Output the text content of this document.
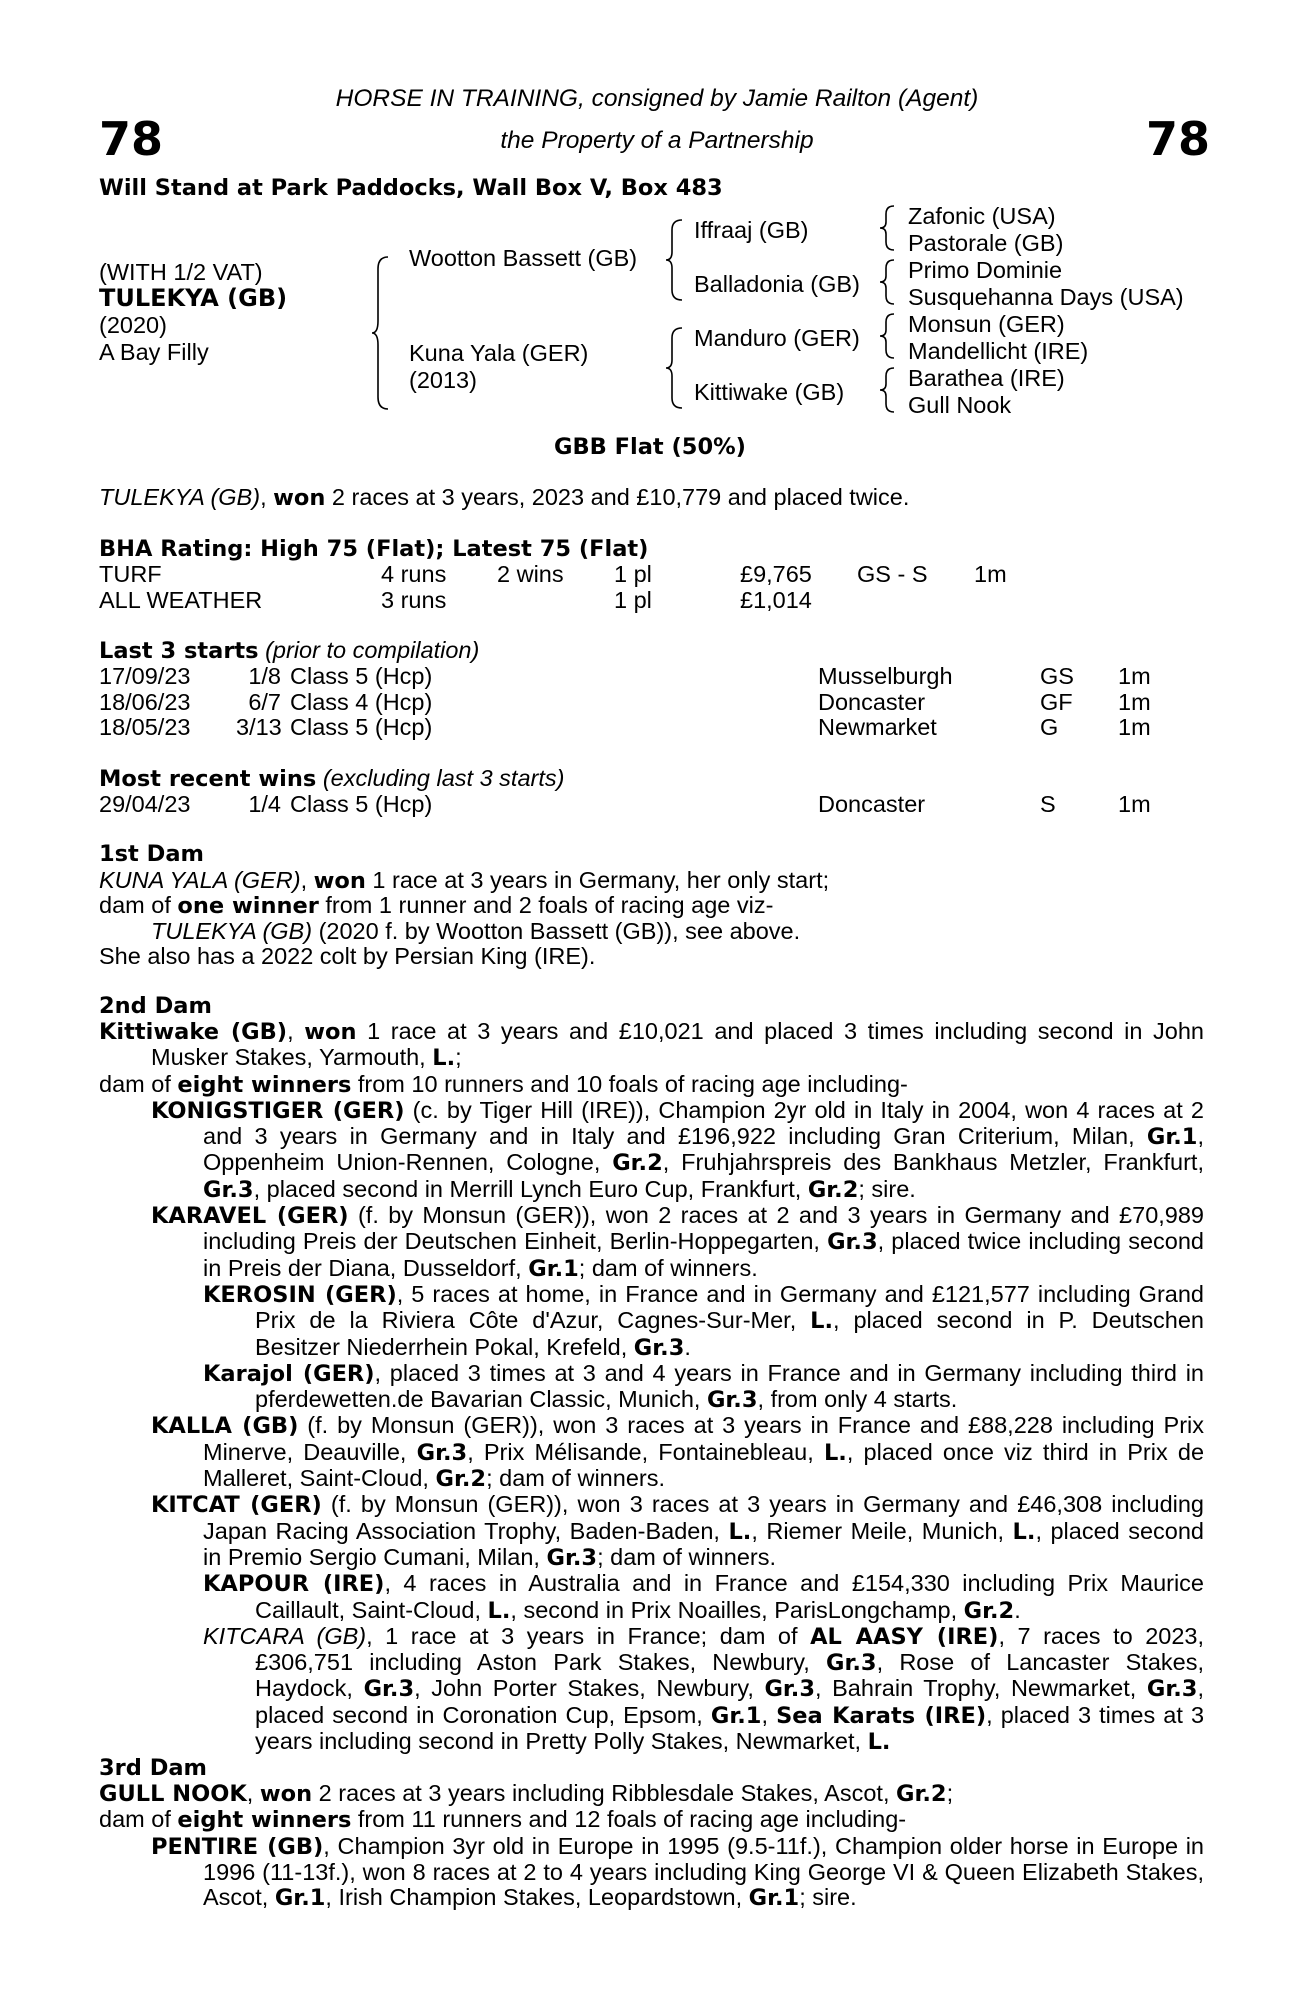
78	78
HORSE IN TRAINING, consigned by Jamie Railton (Agent)
the Property of a Partnership
Will Stand at Park Paddocks, Wall Box V, Box 483
(WITH 1/2 VAT)
TULEKYA (GB)
(2020)
A Bay Filly
Wootton Bassett (GB)
Kuna Yala (GER)
(2013)
Iffraaj (GB)
Balladonia (GB)
Manduro (GER)
Kittiwake (GB)
Zafonic (USA)
Pastorale (GB)
Primo Dominie
Susquehanna Days (USA)
Monsun (GER)
Mandellicht (IRE)
Barathea (IRE)
Gull Nook
GBB Flat (50%)
TULEKYA (GB), won 2 races at 3 years, 2023 and £10,779 and placed twice.
BHA Rating: High 75 (Flat); Latest 75 (Flat)
TURF	4 runs 2 wins 1 pl	£9,765 GS - S 1m
ALL WEATHER	3 runs	1 pl	£1,014
Last 3 starts (prior to compilation)
17/09/23	1/8 Class 5 (Hcp)	Musselburgh	GS 1m
18/06/23	6/7 Class 4 (Hcp)	Doncaster	GF 1m
18/05/23 3/13 Class 5 (Hcp)	Newmarket	G	1m
Most recent wins (excluding last 3 starts)
29/04/23	1/4 Class 5 (Hcp)	Doncaster	S	1m
1st Dam
KUNA YALA (GER), won 1 race at 3 years in Germany, her only start;
dam of one winner from 1 runner and 2 foals of racing age viz-
TULEKYA (GB) (2020 f. by Wootton Bassett (GB)), see above.
She also has a 2022 colt by Persian King (IRE).
2nd Dam

Kittiwake (GB), won 1 race at 3 years and £10,021 and placed 3 times including second in John Musker Stakes, Yarmouth, L.;

dam of eight winners from 10 runners and 10 foals of racing age including-

KONIGSTIGER (GER) (c. by Tiger Hill (IRE)), Champion 2yr old in Italy in 2004, won 4 races at 2 and 3 years in Germany and in Italy and £196,922 including Gran Criterium, Milan, Gr.1, Oppenheim Union-Rennen, Cologne, Gr.2, Fruhjahrspreis des Bankhaus Metzler, Frankfurt, Gr.3, placed second in Merrill Lynch Euro Cup, Frankfurt, Gr.2; sire.

KARAVEL (GER) (f. by Monsun (GER)), won 2 races at 2 and 3 years in Germany and £70,989 including Preis der Deutschen Einheit, Berlin-Hoppegarten, Gr.3, placed twice including second in Preis der Diana, Dusseldorf, Gr.1; dam of winners.

KEROSIN (GER), 5 races at home, in France and in Germany and £121,577 including Grand Prix de la Riviera Côte d'Azur, Cagnes-Sur-Mer, L., placed second in P. Deutschen Besitzer Niederrhein Pokal, Krefeld, Gr.3.

Karajol (GER), placed 3 times at 3 and 4 years in France and in Germany including third in pferdewetten.de Bavarian Classic, Munich, Gr.3, from only 4 starts.

KALLA (GB) (f. by Monsun (GER)), won 3 races at 3 years in France and £88,228 including Prix Minerve, Deauville, Gr.3, Prix Mélisande, Fontainebleau, L., placed once viz third in Prix de Malleret, Saint-Cloud, Gr.2; dam of winners.

KITCAT (GER) (f. by Monsun (GER)), won 3 races at 3 years in Germany and £46,308 including Japan Racing Association Trophy, Baden-Baden, L., Riemer Meile, Munich, L., placed second in Premio Sergio Cumani, Milan, Gr.3; dam of winners.

KAPOUR (IRE), 4 races in Australia and in France and £154,330 including Prix Maurice Caillault, Saint-Cloud, L., second in Prix Noailles, ParisLongchamp, Gr.2.

KITCARA (GB), 1 race at 3 years in France; dam of AL AASY (IRE), 7 races to 2023, £306,751 including Aston Park Stakes, Newbury, Gr.3, Rose of Lancaster Stakes, Haydock, Gr.3, John Porter Stakes, Newbury, Gr.3, Bahrain Trophy, Newmarket, Gr.3, placed second in Coronation Cup, Epsom, Gr.1, Sea Karats (IRE), placed 3 times at 3 years including second in Pretty Polly Stakes, Newmarket, L.

3rd Dam

GULL NOOK, won 2 races at 3 years including Ribblesdale Stakes, Ascot, Gr.2;

dam of eight winners from 11 runners and 12 foals of racing age including-

PENTIRE (GB), Champion 3yr old in Europe in 1995 (9.5-11f.), Champion older horse in Europe in 1996 (11-13f.), won 8 races at 2 to 4 years including King George VI & Queen Elizabeth Stakes, Ascot, Gr.1, Irish Champion Stakes, Leopardstown, Gr.1; sire.
